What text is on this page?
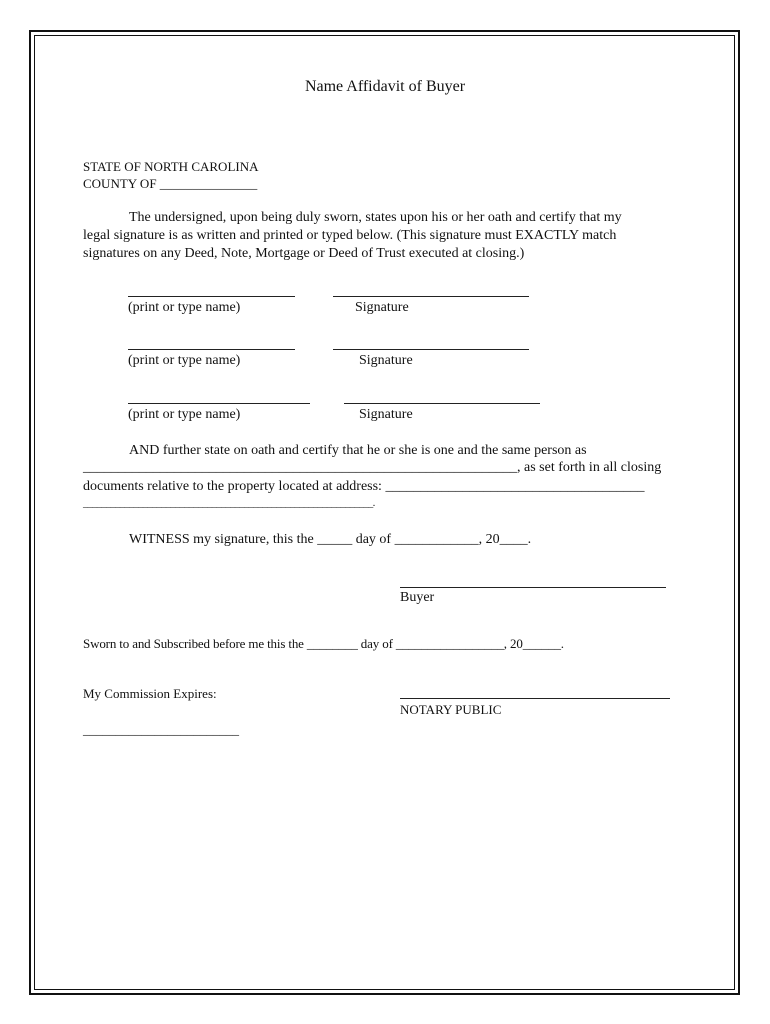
Name Affidavit of Buyer
STATE OF NORTH CAROLINA
COUNTY OF _______________
The undersigned, upon being duly sworn, states upon his or her oath and certify that my
legal signature is as written and printed or typed below. (This signature must EXACTLY match
signatures on any Deed, Note, Mortgage or Deed of Trust executed at closing.)
(print or type name)	Signature
(print or type name)	Signature
(print or type name)	Signature
AND further state on oath and certify that he or she is one and the same person as
______________________________________________________________, as set forth in all closing
documents relative to the property located at address: _____________________________________
_______________________________________________________________.
WITNESS my signature, this the _____ day of ____________, 20____.
Buyer
Sworn to and Subscribed before me this the ________ day of _________________, 20______.
My Commission Expires:
NOTARY PUBLIC
________________________
